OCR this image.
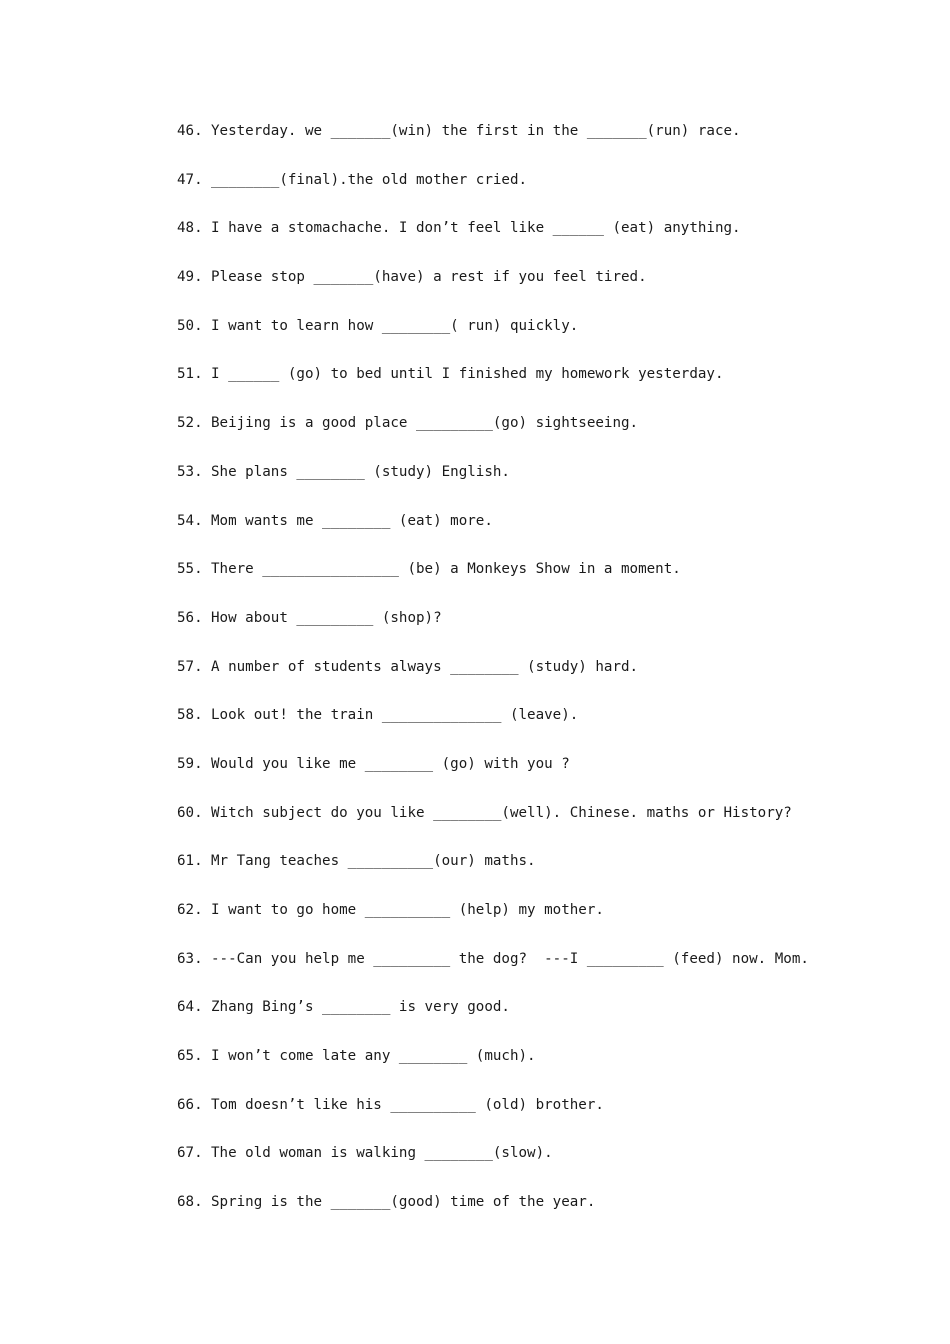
46. Yesterday. we _______(win) the first in the _______(run) race.
47. ________(final).the old mother cried.
48. I have a stomachache. I don’t feel like ______ (eat) anything.
49. Please stop _______(have) a rest if you feel tired.
50. I want to learn how ________( run) quickly.
51. I ______ (go) to bed until I finished my homework yesterday.
52. Beijing is a good place _________(go) sightseeing.
53. She plans ________ (study) English.
54. Mom wants me ________ (eat) more.
55. There ________________ (be) a Monkeys Show in a moment.
56. How about _________ (shop)?
57. A number of students always ________ (study) hard.
58. Look out! the train ______________ (leave).
59. Would you like me ________ (go) with you ?
60. Witch subject do you like ________(well). Chinese. maths or History?
61. Mr Tang teaches __________(our) maths.
62. I want to go home __________ (help) my mother.
63. ---Can you help me _________ the dog?  ---I _________ (feed) now. Mom.
64. Zhang Bing’s ________ is very good.
65. I won’t come late any ________ (much).
66. Tom doesn’t like his __________ (old) brother.
67. The old woman is walking ________(slow).
68. Spring is the _______(good) time of the year.
